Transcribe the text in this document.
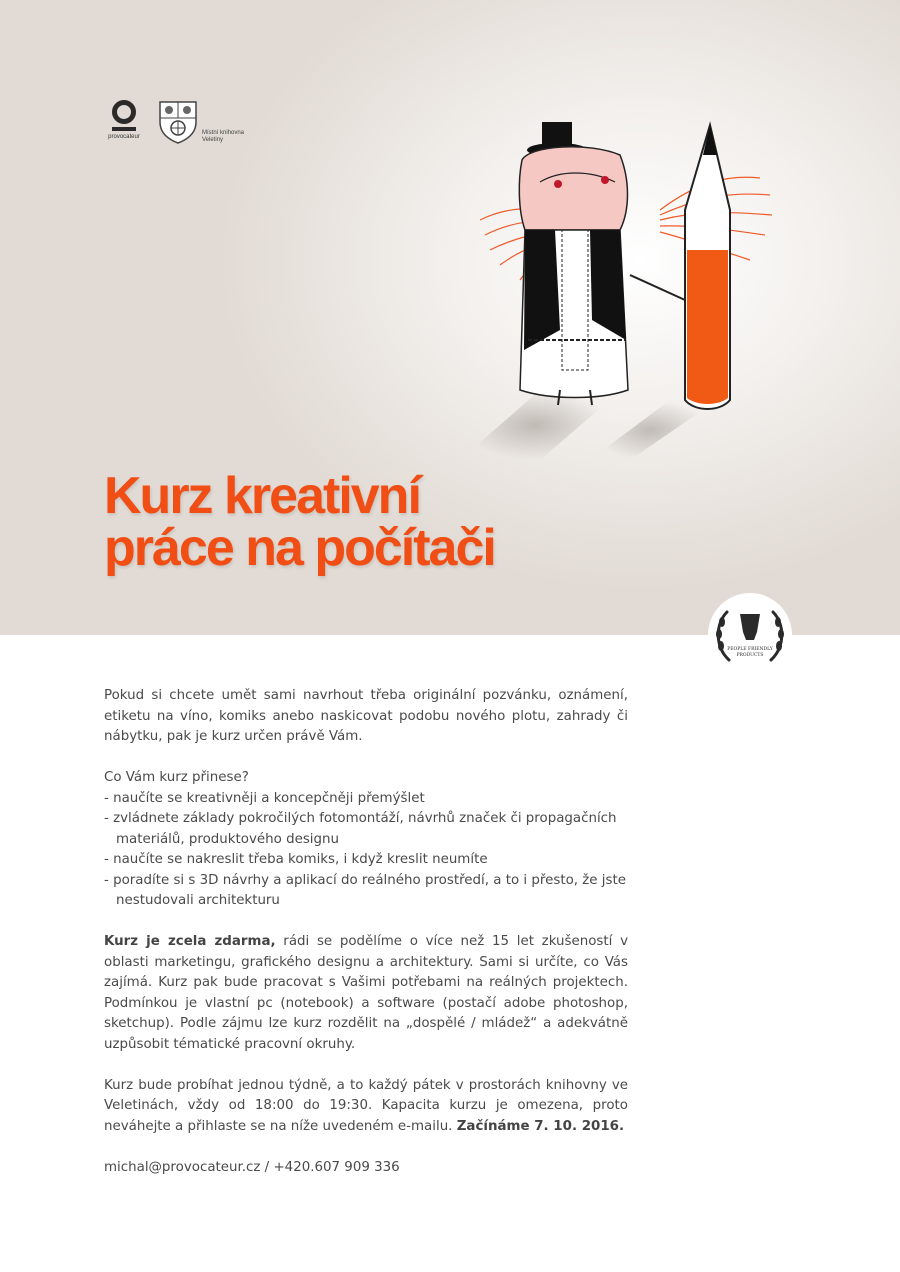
provocateur
Místní knihovna
Veletiny
Kurz kreativní
práce na počítači
PEOPLE FRIENDLY
PRODUCTS

Pokud si chcete umět sami navrhout třeba originální pozvánku, oznámení, etiketu na víno, komiks anebo naskicovat podobu nového plotu, zahrady či nábytku, pak je kurz určen právě Vám.

Co Vám kurz přinese?

- naučíte se kreativněji a koncepčněji přemýšlet
- zvládnete základy pokročilých fotomontáží, návrhů značek či propagačních materiálů, produktového designu
- naučíte se nakreslit třeba komiks, i když kreslit neumíte
- poradíte si s 3D návrhy a aplikací do reálného prostředí, a to i přesto, že jste nestudovali architekturu

Kurz je zcela zdarma, rádi se podělíme o více než 15 let zkušeností v oblasti marketingu, grafického designu a architektury. Sami si určíte, co Vás zajímá. Kurz pak bude pracovat s Vašimi potřebami na reálných projektech. Podmínkou je vlastní pc (notebook) a software (postačí adobe photoshop, sketchup). Podle zájmu lze kurz rozdělit na „dospělé / mládež“ a adekvátně uzpůsobit tématické pracovní okruhy.

Kurz bude probíhat jednou týdně, a to každý pátek v prostorách knihovny ve Veletinách, vždy od 18:00 do 19:30. Kapacita kurzu je omezena, proto neváhejte a přihlaste se na níže uvedeném e-mailu. Začínáme 7. 10. 2016.

michal@provocateur.cz / +420.607 909 336
